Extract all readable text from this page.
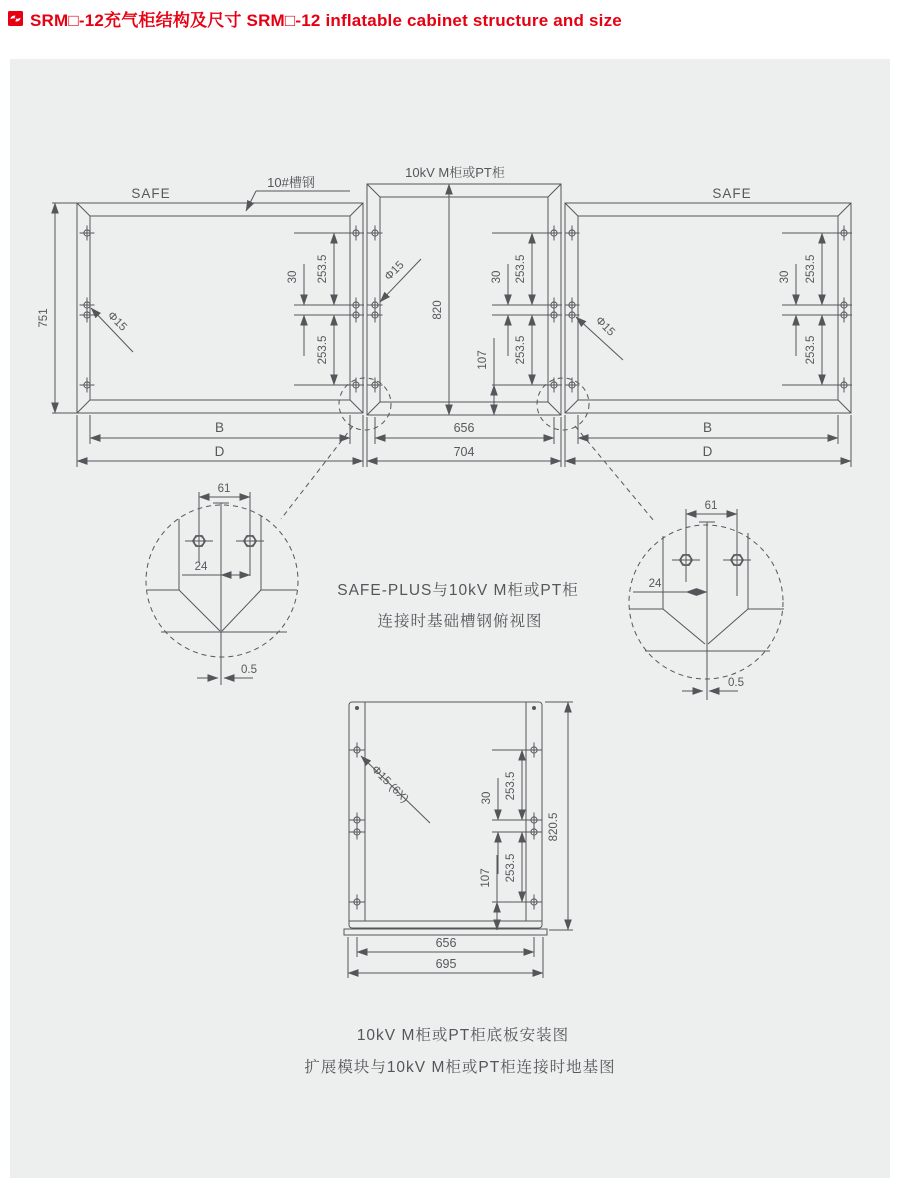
SRM□-12充气柜结构及尺寸 SRM□-12 inflatable cabinet structure and size
SAFE	SAFE
10kV M柜或PT柜
10#槽钢
Φ15
Φ15
Φ15
751	820
253.5
253.5
30	253.5
253.5
30
107
253.5
253.5
30
B
D
656
704
B
D
61
24
0.5
61
24
0.5
SAFE-PLUS与10kV M柜或PT柜
连接时基础槽钢俯视图
Φ15 (6X)	253.5
30
253.5
107
820.5
656
695
10kV M柜或PT柜底板安装图
扩展模块与10kV M柜或PT柜连接时地基图
